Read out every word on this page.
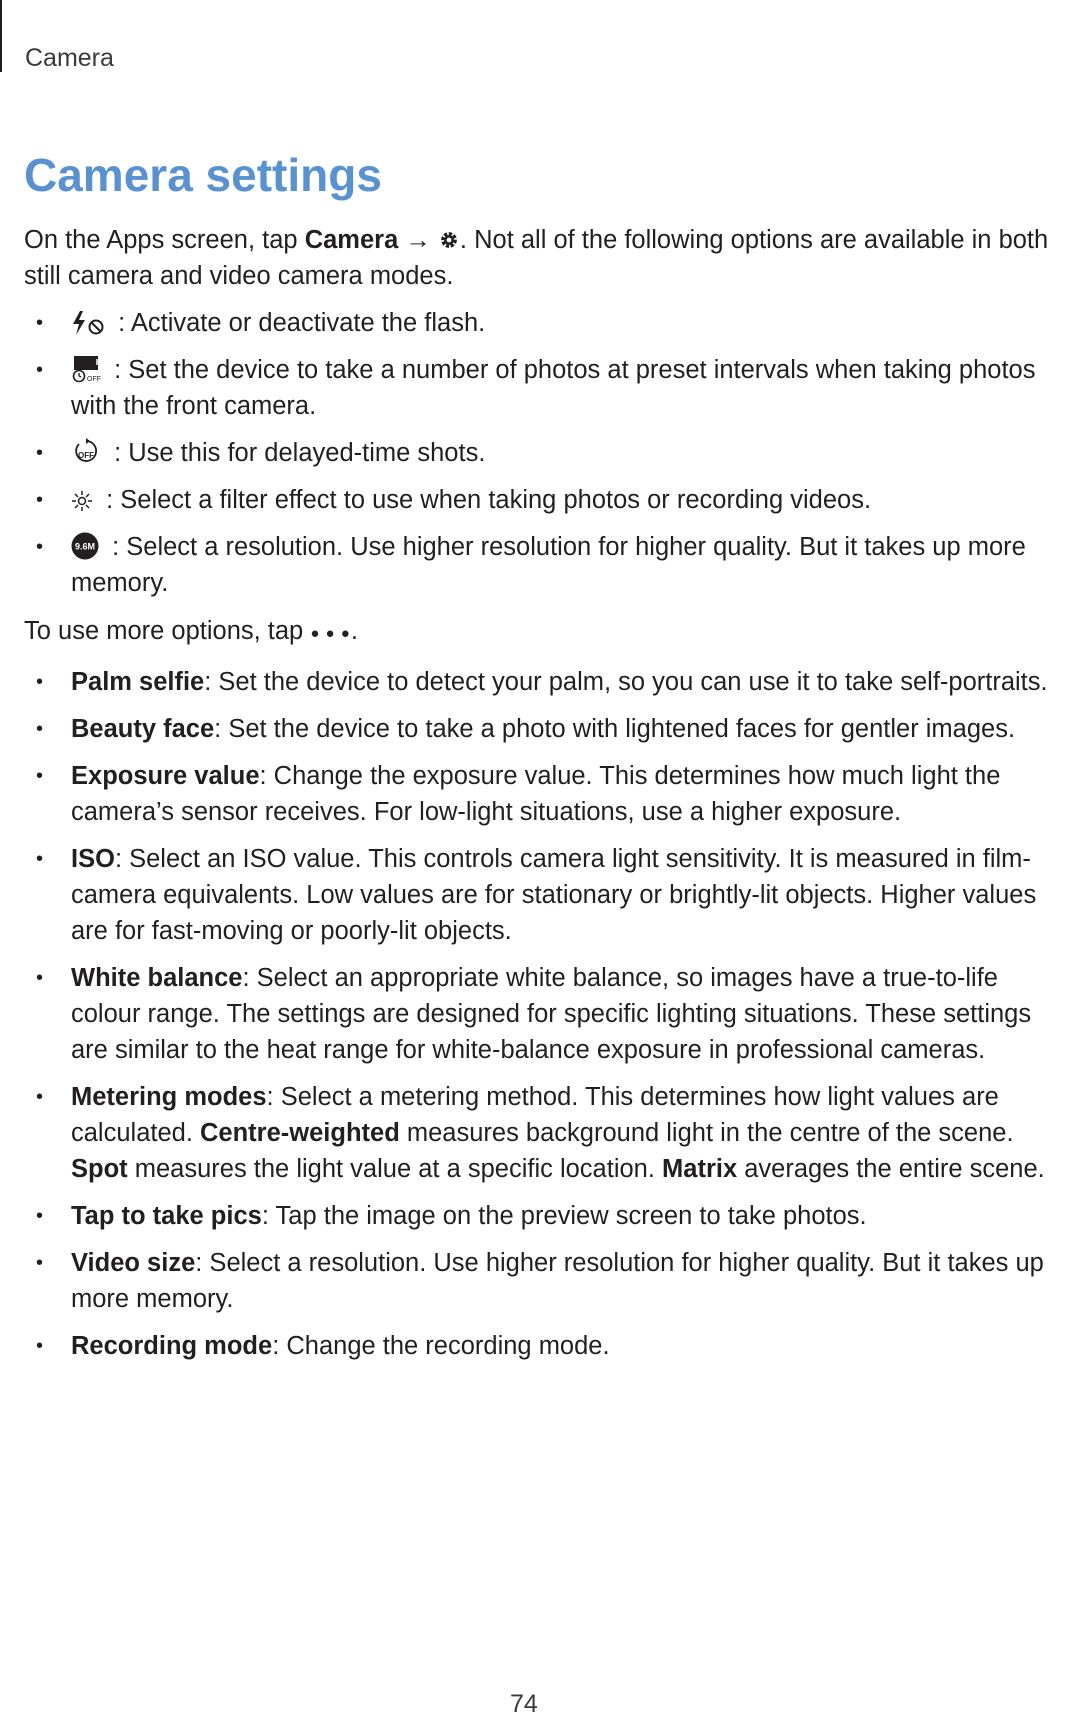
Camera
Camera settings

On the Apps screen, tap Camera →
. Not all of the following options are available in both still camera and video camera modes.

•	: Activate or deactivate the flash.
•	OFF : Set the device to take a number of photos at preset intervals when taking photos with the front camera.
•	OFF : Use this for delayed-time shots.
• : Select a filter effect to use when taking photos or recording videos.
•	9.6M : Select a resolution. Use higher resolution for higher quality. But it takes up more memory.

To use more options, tap ● ● ●.

• Palm selfie: Set the device to detect your palm, so you can use it to take self-portraits.
• Beauty face: Set the device to take a photo with lightened faces for gentler images.
• Exposure value: Change the exposure value. This determines how much light the camera’s sensor receives. For low-light situations, use a higher exposure.
• ISO: Select an ISO value. This controls camera light sensitivity. It is measured in film-camera equivalents. Low values are for stationary or brightly-lit objects. Higher values are for fast-moving or poorly-lit objects.
• White balance: Select an appropriate white balance, so images have a true-to-life colour range. The settings are designed for specific lighting situations. These settings are similar to the heat range for white-balance exposure in professional cameras.
• Metering modes: Select a metering method. This determines how light values are calculated. Centre-weighted measures background light in the centre of the scene. Spot measures the light value at a specific location. Matrix averages the entire scene.
• Tap to take pics: Tap the image on the preview screen to take photos.
• Video size: Select a resolution. Use higher resolution for higher quality. But it takes up more memory.
• Recording mode: Change the recording mode.
74
